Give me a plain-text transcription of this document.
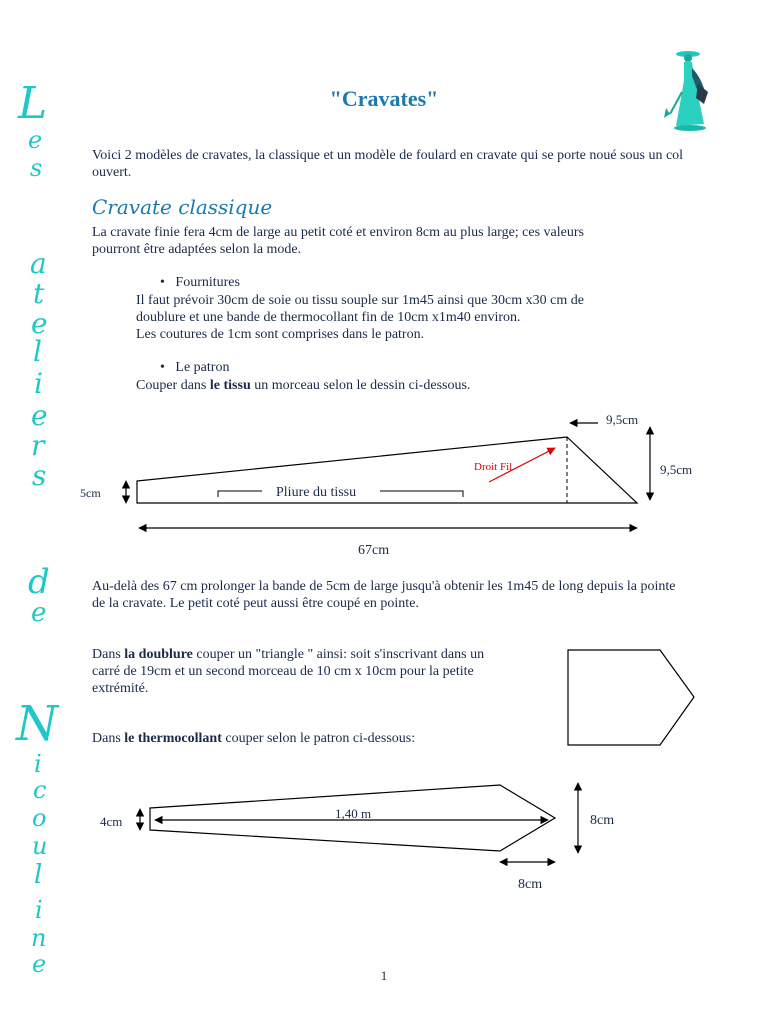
L
e
s
a
t
e
l
i
e
r
s
d
e
N
i
c
o
u
l
i
n
e
"Cravates"
Voici 2 modèles de cravates, la classique et un modèle de foulard en cravate qui se porte noué sous un col ouvert.
Cravate classique
La cravate finie fera 4cm de large au petit coté et environ 8cm au plus large; ces valeurs pourront être adaptées selon la mode.
• Fournitures
Il faut prévoir 30cm de soie ou tissu souple sur 1m45 ainsi que 30cm x30 cm de
doublure et une bande de thermocollant fin de 10cm x1m40 environ.
Les coutures de 1cm sont comprises dans le patron.
• Le patron
Couper dans le tissu un morceau selon le dessin ci-dessous.
5cm	Pliure du tissu
Droit Fil
9,5cm
9,5cm
67cm
Au-delà des 67 cm prolonger la bande de 5cm de large jusqu'à obtenir les 1m45 de long depuis la pointe de la cravate. Le petit coté peut aussi être coupé en pointe.
Dans la doublure couper un "triangle " ainsi: soit s'inscrivant dans un
carré de 19cm et un second morceau de 10 cm x 10cm pour la petite
extrémité.
Dans le thermocollant couper selon le patron ci-dessous:
4cm
1,40 m	8cm
8cm
1
